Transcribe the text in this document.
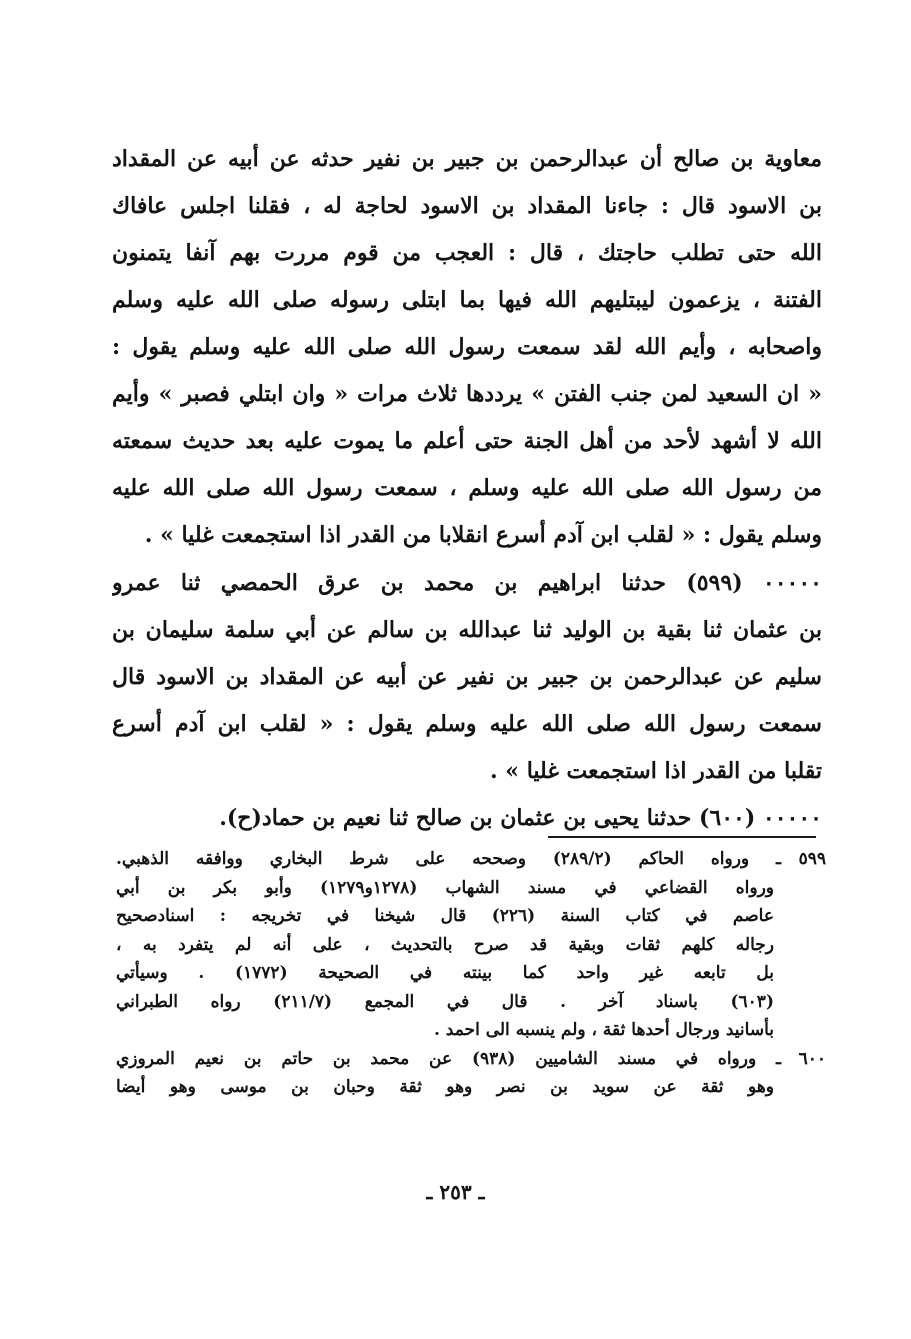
معاوية بن صالح أن عبدالرحمن بن جبير بن نفير حدثه عن أبيه عن المقداد
بن الاسود قال : جاءنا المقداد بن الاسود لحاجة له ، فقلنا اجلس عافاك
الله حتى تطلب حاجتك ، قال : العجب من قوم مررت بهم آنفا يتمنون
الفتنة ، يزعمون ليبتليهم الله فيها بما ابتلى رسوله صلى الله عليه وسلم
واصحابه ، وأيم الله لقد سمعت رسول الله صلى الله عليه وسلم يقول :
« ان السعيد لمن جنب الفتن » يرددها ثلاث مرات « وان ابتلي فصبر » وأيم
الله لا أشهد لأحد من أهل الجنة حتى أعلم ما يموت عليه بعد حديث سمعته
من رسول الله صلى الله عليه وسلم ، سمعت رسول الله صلى الله عليه
وسلم يقول : « لقلب ابن آدم أسرع انقلابا من القدر اذا استجمعت غليا » .
٠٠٠٠٠ (٥٩٩) حدثنا ابراهيم بن محمد بن عرق الحمصي ثنا عمرو
بن عثمان ثنا بقية بن الوليد ثنا عبدالله بن سالم عن أبي سلمة سليمان بن
سليم عن عبدالرحمن بن جبير بن نفير عن أبيه عن المقداد بن الاسود قال
سمعت رسول الله صلى الله عليه وسلم يقول : « لقلب ابن آدم أسرع
تقلبا من القدر اذا استجمعت غليا » .
٠٠٠٠٠ (٦٠٠) حدثنا يحيى بن عثمان بن صالح ثنا نعيم بن حماد(ح).
٥٩٩ ـ ورواه الحاكم (٢٨٩/٢) وصححه على شرط البخاري ووافقه الذهبي.
ورواه القضاعي في مسند الشهاب (١٢٧٨و١٢٧٩) وأبو بكر بن أبي
عاصم في كتاب السنة (٢٢٦) قال شيخنا في تخريجه : اسنادصحيح
رجاله كلهم ثقات وبقية قد صرح بالتحديث ، على أنه لم يتفرد به ،
بل تابعه غير واحد كما بينته في الصحيحة (١٧٧٢) . وسيأتي
(٦٠٣) باسناد آخر . قال في المجمع (٢١١/٧) رواه الطبراني
بأسانيد ورجال أحدها ثقة ، ولم ينسبه الى احمد .
٦٠٠ ـ ورواه في مسند الشاميين (٩٣٨) عن محمد بن حاتم بن نعيم المروزي
وهو ثقة عن سويد بن نصر وهو ثقة وحبان بن موسى وهو أيضا
ـ ٢٥٣ ـ
